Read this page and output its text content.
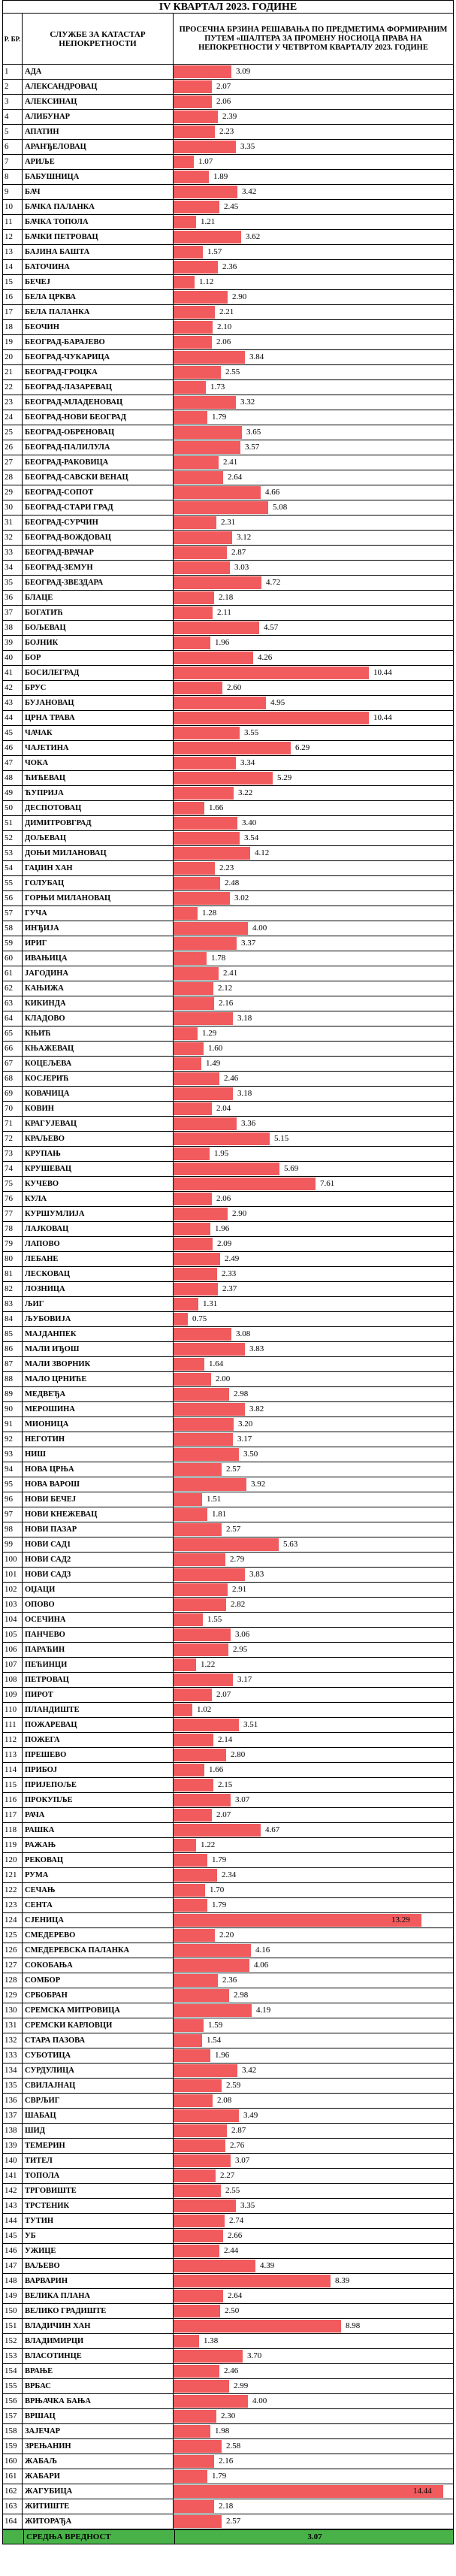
IV КВАРТАЛ 2023. ГОДИНЕ
Р. БР.	СЛУЖБЕ ЗА КАТАСТАР НЕПОКРЕТНОСТИ
ПРОСЕЧНА БРЗИНА РЕШАВАЊА ПО ПРЕДМЕТИМА ФОРМИРАНИМ ПУТЕМ «ШАЛТЕРА ЗА ПРОМЕНУ НОСИОЦА ПРАВА НА НЕПОКРЕТНОСТИ У ЧЕТВРТОМ КВАРТАЛУ 2023. ГОДИНЕ
1	АДА	3.09
2	АЛЕКСАНДРОВАЦ	2.07
3	АЛЕКСИНАЦ	2.06
4	АЛИБУНАР	2.39
5	АПАТИН	2.23
6	АРАНЂЕЛОВАЦ	3.35
7	АРИЉЕ	1.07
8	БАБУШНИЦА	1.89
9	БАЧ	3.42
10	БАЧКА ПАЛАНКА	2.45
11	БАЧКА ТОПОЛА	1.21
12	БАЧКИ ПЕТРОВАЦ	3.62
13	БАЈИНА БАШТА	1.57
14	БАТОЧИНА	2.36
15	БЕЧЕЈ	1.12
16	БЕЛА ЦРКВА	2.90
17	БЕЛА ПАЛАНКА	2.21
18	БЕОЧИН	2.10
19	БЕОГРАД-БАРАЈЕВО	2.06
20	БЕОГРАД-ЧУКАРИЦА	3.84
21	БЕОГРАД-ГРОЦКА	2.55
22	БЕОГРАД-ЛАЗАРЕВАЦ	1.73
23	БЕОГРАД-МЛАДЕНОВАЦ	3.32
24	БЕОГРАД-НОВИ БЕОГРАД	1.79
25	БЕОГРАД-ОБРЕНОВАЦ	3.65
26	БЕОГРАД-ПАЛИЛУЛА	3.57
27	БЕОГРАД-РАКОВИЦА	2.41
28	БЕОГРАД-САВСКИ ВЕНАЦ	2.64
29	БЕОГРАД-СОПОТ	4.66
30	БЕОГРАД-СТАРИ ГРАД	5.08
31	БЕОГРАД-СУРЧИН	2.31
32	БЕОГРАД-ВОЖДОВАЦ	3.12
33	БЕОГРАД-ВРАЧАР	2.87
34	БЕОГРАД-ЗЕМУН	3.03
35	БЕОГРАД-ЗВЕЗДАРА	4.72
36	БЛАЦЕ	2.18
37	БОГАТИЋ	2.11
38	БОЉЕВАЦ	4.57
39	БОЈНИК	1.96
40	БОР	4.26
41	БОСИЛЕГРАД	10.44
42	БРУС	2.60
43	БУЈАНОВАЦ	4.95
44	ЦРНА ТРАВА	10.44
45	ЧАЧАК	3.55
46	ЧАЈЕТИНА	6.29
47	ЧОКА	3.34
48	ЋИЋЕВАЦ	5.29
49	ЋУПРИЈА	3.22
50	ДЕСПОТОВАЦ	1.66
51	ДИМИТРОВГРАД	3.40
52	ДОЉЕВАЦ	3.54
53	ДОЊИ МИЛАНОВАЦ	4.12
54	ГАЏИН ХАН	2.23
55	ГОЛУБАЦ	2.48
56	ГОРЊИ МИЛАНОВАЦ	3.02
57	ГУЧА	1.28
58	ИНЂИЈА	4.00
59	ИРИГ	3.37
60	ИВАЊИЦА	1.78
61	ЈАГОДИНА	2.41
62	КАЊИЖА	2.12
63	КИКИНДА	2.16
64	КЛАДОВО	3.18
65	КЊИЋ	1.29
66	КЊАЖЕВАЦ	1.60
67	КОЦЕЉЕВА	1.49
68	КОСЈЕРИЋ	2.46
69	КОВАЧИЦА	3.18
70	КОВИН	2.04
71	КРАГУЈЕВАЦ	3.36
72	КРАЉЕВО	5.15
73	КРУПАЊ	1.95
74	КРУШЕВАЦ	5.69
75	КУЧЕВО	7.61
76	КУЛА	2.06
77	КУРШУМЛИЈА	2.90
78	ЛАЈКОВАЦ	1.96
79	ЛАПОВО	2.09
80	ЛЕБАНЕ	2.49
81	ЛЕСКОВАЦ	2.33
82	ЛОЗНИЦА	2.37
83	ЉИГ	1.31
84	ЉУБОВИЈА	0.75
85	МАЈДАНПЕК	3.08
86	МАЛИ ИЂОШ	3.83
87	МАЛИ ЗВОРНИК	1.64
88	МАЛО ЦРНИЋЕ	2.00
89	МЕДВЕЂА	2.98
90	МЕРОШИНА	3.82
91	МИОНИЦА	3.20
92	НЕГОТИН	3.17
93	НИШ	3.50
94	НОВА ЦРЊА	2.57
95	НОВА ВАРОШ	3.92
96	НОВИ БЕЧЕЈ	1.51
97	НОВИ КНЕЖЕВАЦ	1.81
98	НОВИ ПАЗАР	2.57
99	НОВИ САД1	5.63
100	НОВИ САД2	2.79
101	НОВИ САД3	3.83
102	ОЏАЦИ	2.91
103	ОПОВО	2.82
104	ОСЕЧИНА	1.55
105	ПАНЧЕВО	3.06
106	ПАРАЋИН	2.95
107	ПЕЋИНЦИ	1.22
108	ПЕТРОВАЦ	3.17
109	ПИРОТ	2.07
110	ПЛАНДИШТЕ	1.02
111	ПОЖАРЕВАЦ	3.51
112	ПОЖЕГА	2.14
113	ПРЕШЕВО	2.80
114	ПРИБОЈ	1.66
115	ПРИЈЕПОЉЕ	2.15
116	ПРОКУПЉЕ	3.07
117	РАЧА	2.07
118	РАШКА	4.67
119	РАЖАЊ	1.22
120	РЕКОВАЦ	1.79
121	РУМА	2.34
122	СЕЧАЊ	1.70
123	СЕНТА	1.79
124	СЈЕНИЦА	13.29
125	СМЕДЕРЕВО	2.20
126	СМЕДЕРЕВСКА ПАЛАНКА	4.16
127	СОКОБАЊА	4.06
128	СОМБОР	2.36
129	СРБОБРАН	2.98
130	СРЕМСКА МИТРОВИЦА	4.19
131	СРЕМСКИ КАРЛОВЦИ	1.59
132	СТАРА ПАЗОВА	1.54
133	СУБОТИЦА	1.96
134	СУРДУЛИЦА	3.42
135	СВИЛАЈНАЦ	2.59
136	СВРЉИГ	2.08
137	ШАБАЦ	3.49
138	ШИД	2.87
139	ТЕМЕРИН	2.76
140	ТИТЕЛ	3.07
141	ТОПОЛА	2.27
142	ТРГОВИШТЕ	2.55
143	ТРСТЕНИК	3.35
144	ТУТИН	2.74
145	УБ	2.66
146	УЖИЦЕ	2.44
147	ВАЉЕВО	4.39
148	ВАРВАРИН	8.39
149	ВЕЛИКА ПЛАНА	2.64
150	ВЕЛИКО ГРАДИШТЕ	2.50
151	ВЛАДИЧИН ХАН	8.98
152	ВЛАДИМИРЦИ	1.38
153	ВЛАСОТИНЦЕ	3.70
154	ВРАЊЕ	2.46
155	ВРБАС	2.99
156	ВРЊАЧКА БАЊА	4.00
157	ВРШАЦ	2.30
158	ЗАЈЕЧАР	1.98
159	ЗРЕЊАНИН	2.58
160	ЖАБАЉ	2.16
161	ЖАБАРИ	1.79
162	ЖАГУБИЦА	14.44
163	ЖИТИШТЕ	2.18
164	ЖИТОРАЂА	2.57
СРЕДЊА ВРЕДНОСТ	3.07
